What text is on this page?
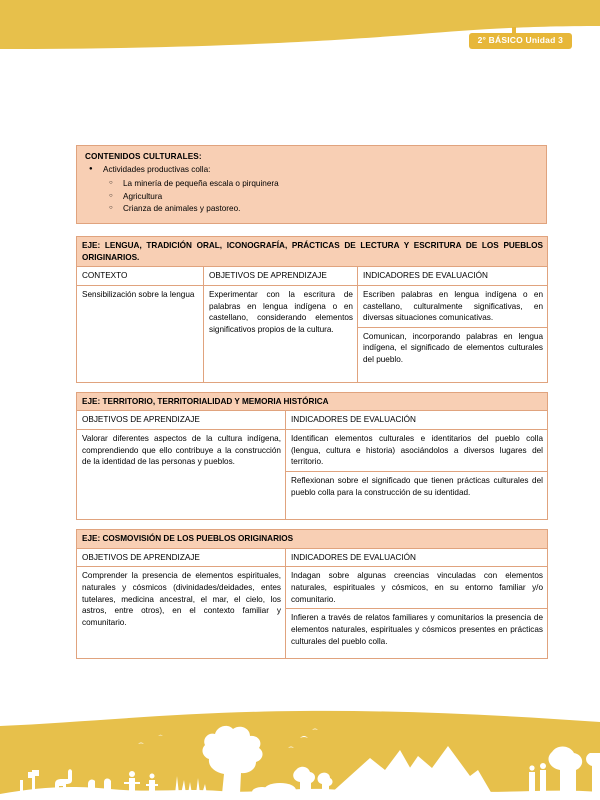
2° BÁSICO Unidad 3
CONTENIDOS CULTURALES:
● Actividades productivas colla:
○ La minería de pequeña escala o pirquinera
○ Agricultura
○ Crianza de animales y pastoreo.
EJE: LENGUA, TRADICIÓN ORAL, ICONOGRAFÍA, PRÁCTICAS DE LECTURA Y ESCRITURA DE LOS PUEBLOS ORIGINARIOS.		
CONTEXTO	OBJETIVOS DE APRENDIZAJE	INDICADORES DE EVALUACIÓN
Sensibilización sobre la lengua	Experimentar con la escritura de palabras en lengua indígena o en castellano, considerando elementos significativos propios de la cultura.	Escriben palabras en lengua indígena o en castellano, culturalmente significativas, en diversas situaciones comunicativas.
		Comunican, incorporando palabras en lengua indígena, el significado de elementos culturales del pueblo.
EJE: TERRITORIO, TERRITORIALIDAD Y MEMORIA HISTÓRICA	
OBJETIVOS DE APRENDIZAJE	INDICADORES DE EVALUACIÓN
Valorar diferentes aspectos de la cultura indígena, comprendiendo que ello contribuye a la construcción de la identidad de las personas y pueblos.	Identifican elementos culturales e identitarios del pueblo colla (lengua, cultura e historia) asociándolos a diversos lugares del territorio.
	Reflexionan sobre el significado que tienen prácticas culturales del pueblo colla para la construcción de su identidad.
EJE: COSMOVISIÓN DE LOS PUEBLOS ORIGINARIOS	
OBJETIVOS DE APRENDIZAJE	INDICADORES DE EVALUACIÓN
Comprender la presencia de elementos espirituales, naturales y cósmicos (divinidades/deidades, entes tutelares, medicina ancestral, el mar, el cielo, los astros, entre otros), en el contexto familiar y comunitario.	Indagan sobre algunas creencias vinculadas con elementos naturales, espirituales y cósmicos, en su entorno familiar y/o comunitario.
	Infieren a través de relatos familiares y comunitarios la presencia de elementos naturales, espirituales y cósmicos presentes en prácticas culturales del pueblo colla.
